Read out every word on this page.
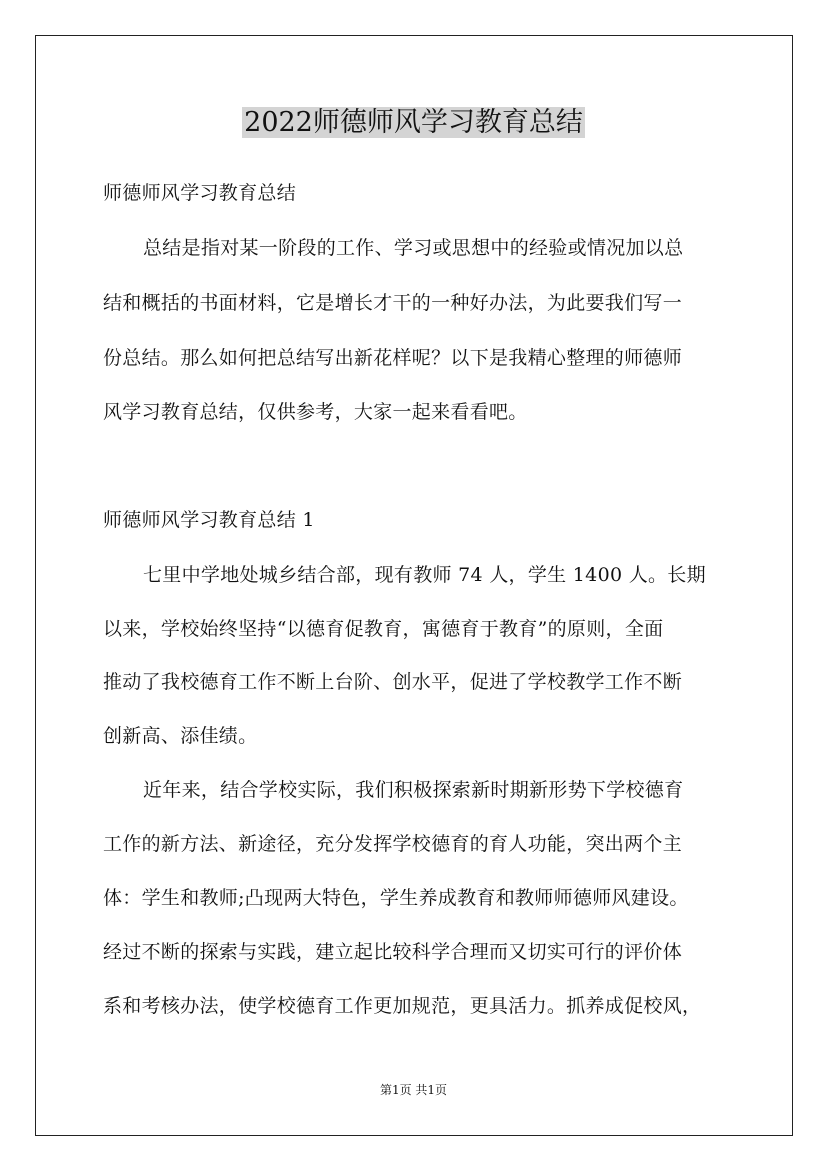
2022师德师风学习教育总结

师德师风学习教育总结

总结是指对某一阶段的工作、学习或思想中的经验或情况加以总

结和概括的书面材料，它是增长才干的一种好办法，为此要我们写一

份总结。那么如何把总结写出新花样呢？以下是我精心整理的师德师

风学习教育总结，仅供参考，大家一起来看看吧。

师德师风学习教育总结 1

七里中学地处城乡结合部，现有教师 74 人，学生 1400 人。长期

以来，学校始终坚持“以德育促教育，寓德育于教育”的原则，全面

推动了我校德育工作不断上台阶、创水平，促进了学校教学工作不断

创新高、添佳绩。

近年来，结合学校实际，我们积极探索新时期新形势下学校德育

工作的新方法、新途径，充分发挥学校德育的育人功能，突出两个主

体：学生和教师;凸现两大特色，学生养成教育和教师师德师风建设。

经过不断的探索与实践，建立起比较科学合理而又切实可行的评价体

系和考核办法，使学校德育工作更加规范，更具活力。抓养成促校风，

第1页 共1页
